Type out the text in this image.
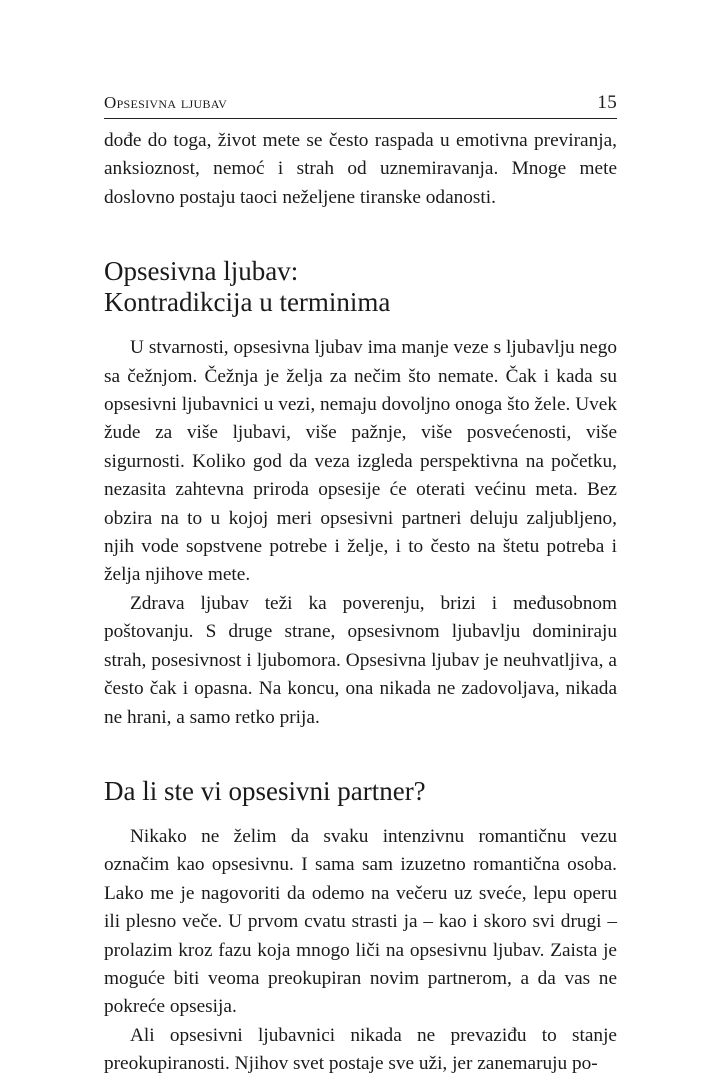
Opsesivna ljubav	15

dođe do toga, život mete se često raspada u emotivna previranja, anksioznost, nemoć i strah od uznemiravanja. Mnoge mete doslovno postaju taoci neželjene tiranske odanosti.

Opsesivna ljubav:
Kontradikcija u terminima

U stvarnosti, opsesivna ljubav ima manje veze s ljubavlju nego sa čežnjom. Čežnja je želja za nečim što nemate. Čak i kada su opsesivni ljubavnici u vezi, nemaju dovoljno onoga što žele. Uvek žude za više ljubavi, više pažnje, više posvećenosti, više sigurnosti. Koliko god da veza izgleda perspektivna na početku, nezasita zahtevna priroda opsesije će oterati većinu meta. Bez obzira na to u kojoj meri opsesivni partneri deluju zaljubljeno, njih vode sopstvene potrebe i želje, i to često na štetu potreba i želja njihove mete.

Zdrava ljubav teži ka poverenju, brizi i međusobnom poštovanju. S druge strane, opsesivnom ljubavlju dominiraju strah, posesivnost i ljubomora. Opsesivna ljubav je neuhvatljiva, a često čak i opasna. Na koncu, ona nikada ne zadovoljava, nikada ne hrani, a samo retko prija.

Da li ste vi opsesivni partner?

Nikako ne želim da svaku intenzivnu romantičnu vezu označim kao opsesivnu. I sama sam izuzetno romantična osoba. Lako me je nagovoriti da odemo na večeru uz sveće, lepu operu ili plesno veče. U prvom cvatu strasti ja – kao i skoro svi drugi – prolazim kroz fazu koja mnogo liči na opsesivnu ljubav. Zaista je moguće biti veoma preokupiran novim partnerom, a da vas ne pokreće opsesija.

Ali opsesivni ljubavnici nikada ne prevaziđu to stanje preokupiranosti. Njihov svet postaje sve uži, jer zanemaruju po-
